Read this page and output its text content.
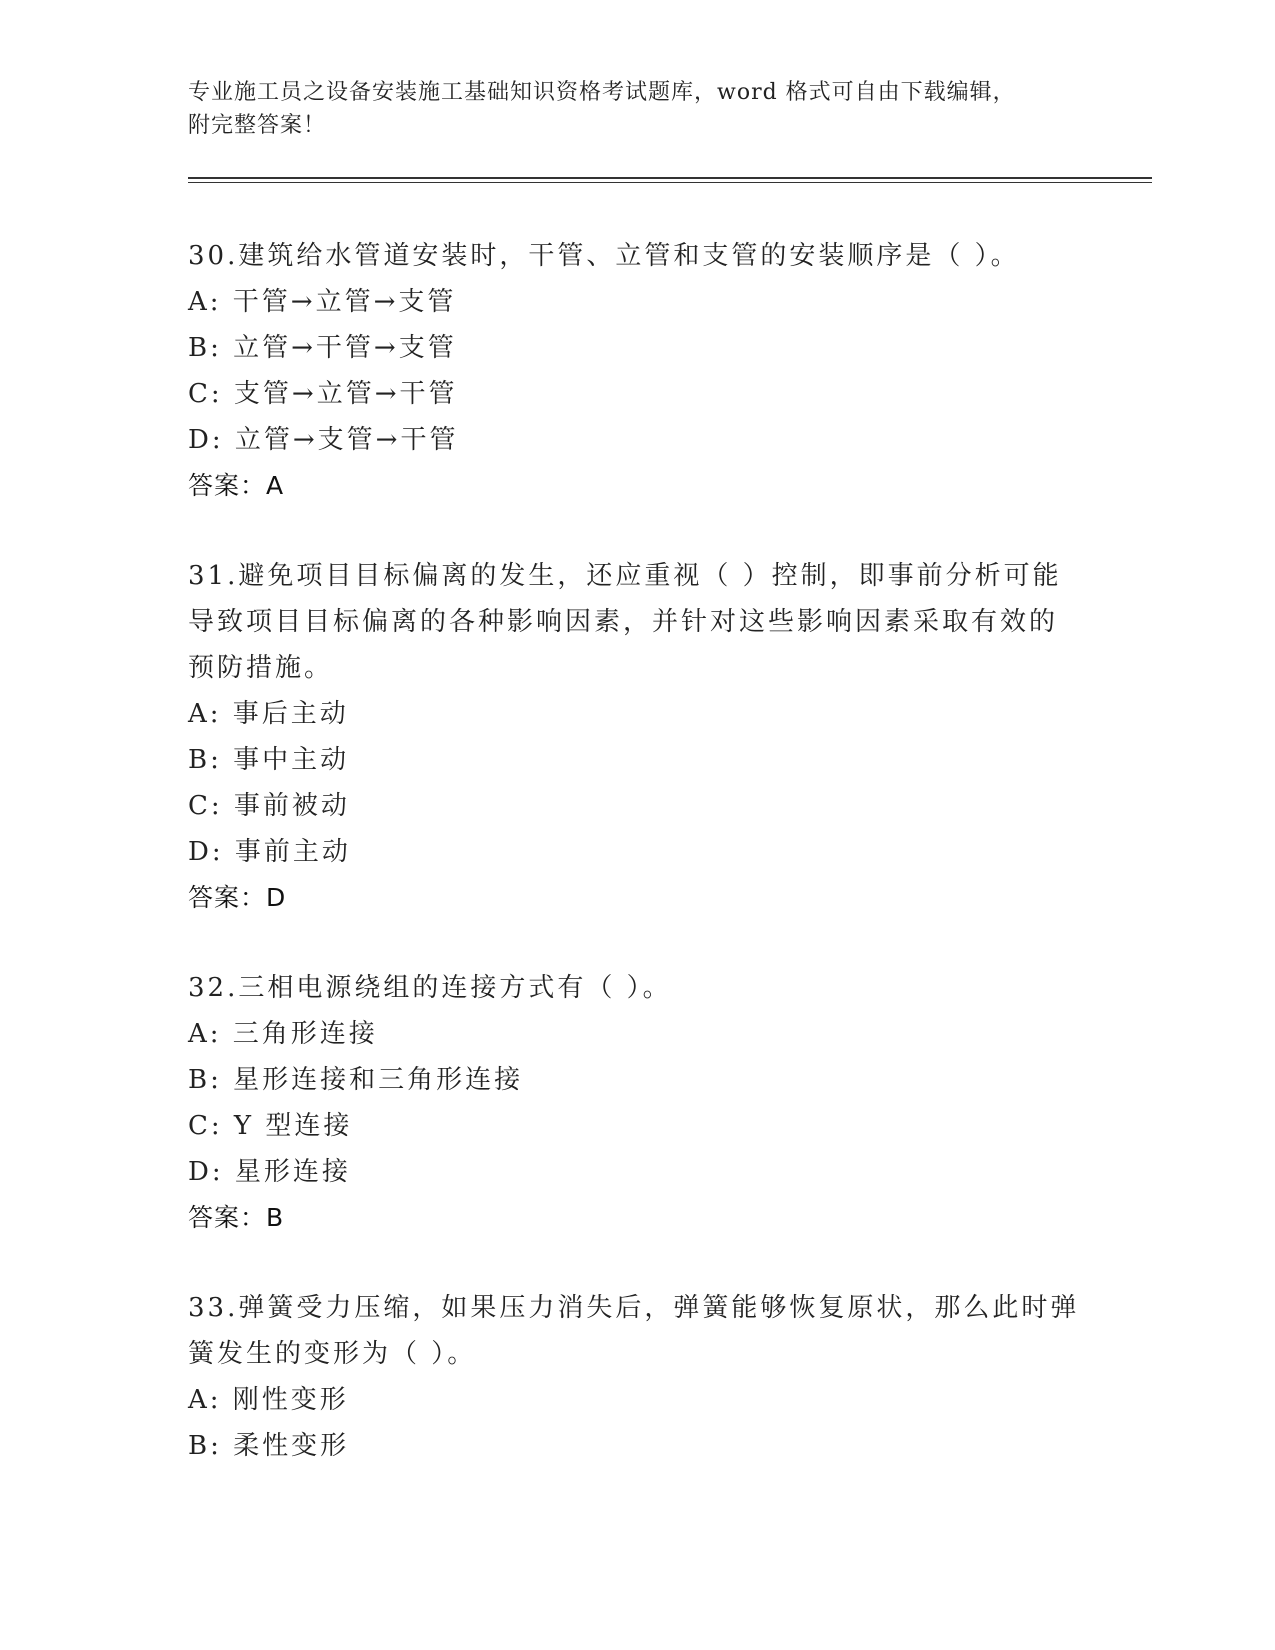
专业施工员之设备安装施工基础知识资格考试题库，word 格式可自由下载编辑，
附完整答案！
30.建筑给水管道安装时，干管、立管和支管的安装顺序是（ ）。
A: 干管→立管→支管
B: 立管→干管→支管
C: 支管→立管→干管
D: 立管→支管→干管
答案：A
31.避免项目目标偏离的发生，还应重视（ ）控制，即事前分析可能
导致项目目标偏离的各种影响因素，并针对这些影响因素采取有效的
预防措施。
A: 事后主动
B: 事中主动
C: 事前被动
D: 事前主动
答案：D
32.三相电源绕组的连接方式有（ ）。
A: 三角形连接
B: 星形连接和三角形连接
C: Y 型连接
D: 星形连接
答案：B
33.弹簧受力压缩，如果压力消失后，弹簧能够恢复原状，那么此时弹
簧发生的变形为（ ）。
A: 刚性变形
B: 柔性变形
